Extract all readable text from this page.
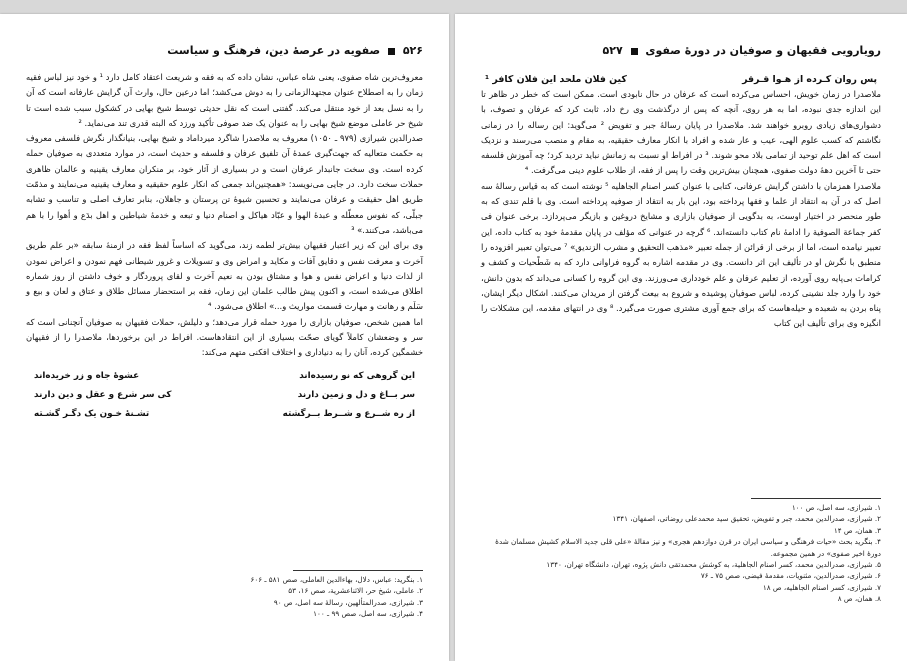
۵۲۶  صفویه در عرصهٔ دین، فرهنگ و سیاست

معروف‌ترین شاه صفوی، یعنی شاه عباس، نشان داده که به فقه و شریعت اعتقاد کامل دارد ¹ و خود نیز لباس فقیه زمان را به اصطلاح عنوان مجتهدالزمانی را به دوش می‌کشد؛ اما درعین حال، وارث آن گرایش عارفانه است که آن را به نسل بعد از خود منتقل می‌کند. گفتنی است که نقل حدیثی توسط شیخ بهایی در کشکول سبب شده است تا شیخ حر عاملی موضع شیخ بهایی را به عنوان یک ضد صوفی تأکید ورزد که البته قدری تند می‌نماید. ²

صدرالدین شیرازی (۹۷۹ ـ ۱۰۵۰) معروف به ملاصدرا شاگرد میرداماد و شیخ بهایی، بنیانگذار نگرش فلسفی معروف به حکمت متعالیه که جهت‌گیری عمدهٔ آن تلفیق عرفان و فلسفه و حدیث است، در موارد متعددی به صوفیان حمله کرده است. وی سخت جانبدار عرفان است و در بسیاری از آثار خود، بر منکران معارف یقینیه و عالمان ظاهری حملات سخت دارد. در جایی می‌نویسد: «همچنین‌اند جمعی که انکار علوم حقیقیه و معارف یقینیه می‌نمایند و مذمّت طریق اهل حقیقت و عرفان می‌نمایند و تحسین شیوهٔ تن پرستان و جاهلان، بنابر تعارف اصلی و تناسب و تشابه جبلّی، که نفوس معطّله و عبدهٔ الهوا و عبّاد هیاکل و اصنام دنیا و تبعه و خدمهٔ شیاطین و اهل بدَع و أهوا را با هم می‌باشد، می‌کنند.» ³

وی برای این که زیر اعتبار فقیهان بیش‌تر لطمه زند، می‌گوید که اساساً لفظ فقه در ازمنهٔ سابقه «بر علم طریق آخرت و معرفت نفس و دقایق آفات و مکاید و امراض وی و تسویلات و غرور شیطانی فهم نمودن و اعراض نمودن از لذات دنیا و اعراض نفس و هوا و مشتاق بودن به نعیم آخرت و لقای پروردگار و خوف داشتن از روز شماره اطلاق می‌شده است، و اکنون پیش طالب علمان این زمان، فقه بر استحضار مسائل طلاق و عتاق و لعان و بیع و سَلَم و رهانت و مهارت قسمت مواریث و...» اطلاق می‌شود. ⁴

اما همین شخص، صوفیان بازاری را مورد حمله قرار می‌دهد؛ و دلیلش، حملات فقیهان به صوفیان آنچنانی است که سر و وضعشان کاملاً گویای صحّت بسیاری از این انتقادهاست. افراط در این برخوردها، ملاصدرا را از فقیهان خشمگین کرده، آنان را به دنیاداری و اختلاف افکنی متهم می‌کند:

این گروهی که نو رسیده‌اند
عشوهٔ جاه و زر خریده‌اند
سر بــاغ و دل و زمین دارند
کی سر شرع و عقل و دین دارند
از ره شــرع و شــرط بــرگشته
تشـنهٔ خـون یک دگـر گشـته
۱. بنگرید: عباس، دلال، بهاءالدین العاملی، صص ۵۸۱ ـ ۶۰۶
۲. عاملی، شیخ حر، الاثناعشریة، صص ۱۶، ۵۳
۳. شیرازی، صدرالمتألهین، رسالهٔ سه اصل، ص ۹۰
۴. شیرازی، سه اصل، صص ۹۹ ـ ۱۰۰
رویارویی فقیهان و صوفیان در دورهٔ صفوی  ۵۲۷
پس روان کـرده از هـوا قـرقر
کین فلان ملحد این فلان کافر ¹

ملاصدرا در زمان خویش، احساس می‌کرده است که عرفان در حال نابودی است. ممکن است که خطر در ظاهر تا این اندازه جدی نبوده، اما به هر روی، آنچه که پس از درگذشت وی رخ داد، ثابت کرد که عرفان و تصوف، با دشواری‌های زیادی روبرو خواهند شد. ملاصدرا در پایان رسالهٔ جبر و تفویض ² می‌گوید: این رساله را در زمانی نگاشتم که کسب علوم الهی، عیب و عار شده و افراد با انکار معارف حقیقیه، به مقام و منصب می‌رسند و نزدیک است که اهل علم توحید از تمامی بلاد محو شوند. ³ در افراط او نسبت به زمانش نباید تردید کرد؛ چه آموزش فلسفه حتی تا آخرین دههٔ دولت صفوی، همچنان بیش‌ترین وقت را پس از فقه، از طلاب علوم دینی می‌گرفت. ⁴

ملاصدرا همزمان با داشتن گرایش عرفانی، کتابی با عنوان کسر اصنام الجاهلیه ⁵ نوشته است که به قیاس رسالهٔ سه اصل که در آن به انتقاد از علما و فقها پرداخته بود، این بار به انتقاد از صوفیه پرداخته است. وی با قلم تندی که به طور منحصر در اختیار اوست، به بدگویی از صوفیان بازاری و مشایخ دروغین و بازیگر می‌پردازد. برخی عنوان فی کفر جماعة الصوفیة را ادامهٔ نام کتاب دانسته‌اند. ⁶ گرچه در عنوانی که مؤلف در پایان مقدمهٔ خود به کتاب داده، این تعبیر نیامده است، اما از برخی از قرائن از جمله تعبیر «مذهب التحقیق و مشرب الزندیق» ⁷ می‌توان تعبیر افزوده را منطبق با نگرش او در تألیف این اثر دانست. وی در مقدمه اشاره به گروه فراوانی دارد که به شَطْحیات و کشف و کرامات بی‌پایه روی آورده، از تعلیم عرفان و علم خودداری می‌ورزند. وی این گروه را کسانی می‌داند که بدون دانش، خود را وارد جلد نشینی کرده، لباس صوفیان پوشیده و شروع به بیعت گرفتن از مریدان می‌کنند. اشکال دیگر ایشان، پناه بردن به شعبده و حیله‌هاست که برای جمع آوری مشتری صورت می‌گیرد. ⁸ وی در انتهای مقدمه، این مشکلات را انگیزه وی برای تألیف این کتاب

۱. شیرازی، سه اصل، ص ۱۰۰
۲. شیرازی، صدرالدین محمد، جبر و تفویض، تحقیق سید محمدعلی روضاتی، اصفهان، ۱۳۴۱
۳. همان، ص ۱۴
۴. بنگرید بحث «حیات فرهنگی و سیاسی ایران در قرن دوازدهم هجری» و نیز مقالهٔ «علی قلی جدید الاسلام کشیش مسلمان شدهٔ دورهٔ اخیر صفوی» در همین مجموعه.
۵. شیرازی، صدرالدین محمد، کسر اصنام الجاهلیة، به کوشش محمدتقی دانش پژوه، تهران، دانشگاه تهران، ۱۳۴۰
۶. شیرازی، صدرالدین، مثنویات، مقدمهٔ فیضی، صص ۷۵ ـ ۷۶
۷. شیرازی، کسر اصنام الجاهلیه، ص ۱۸
۸. همان، ص ۸
